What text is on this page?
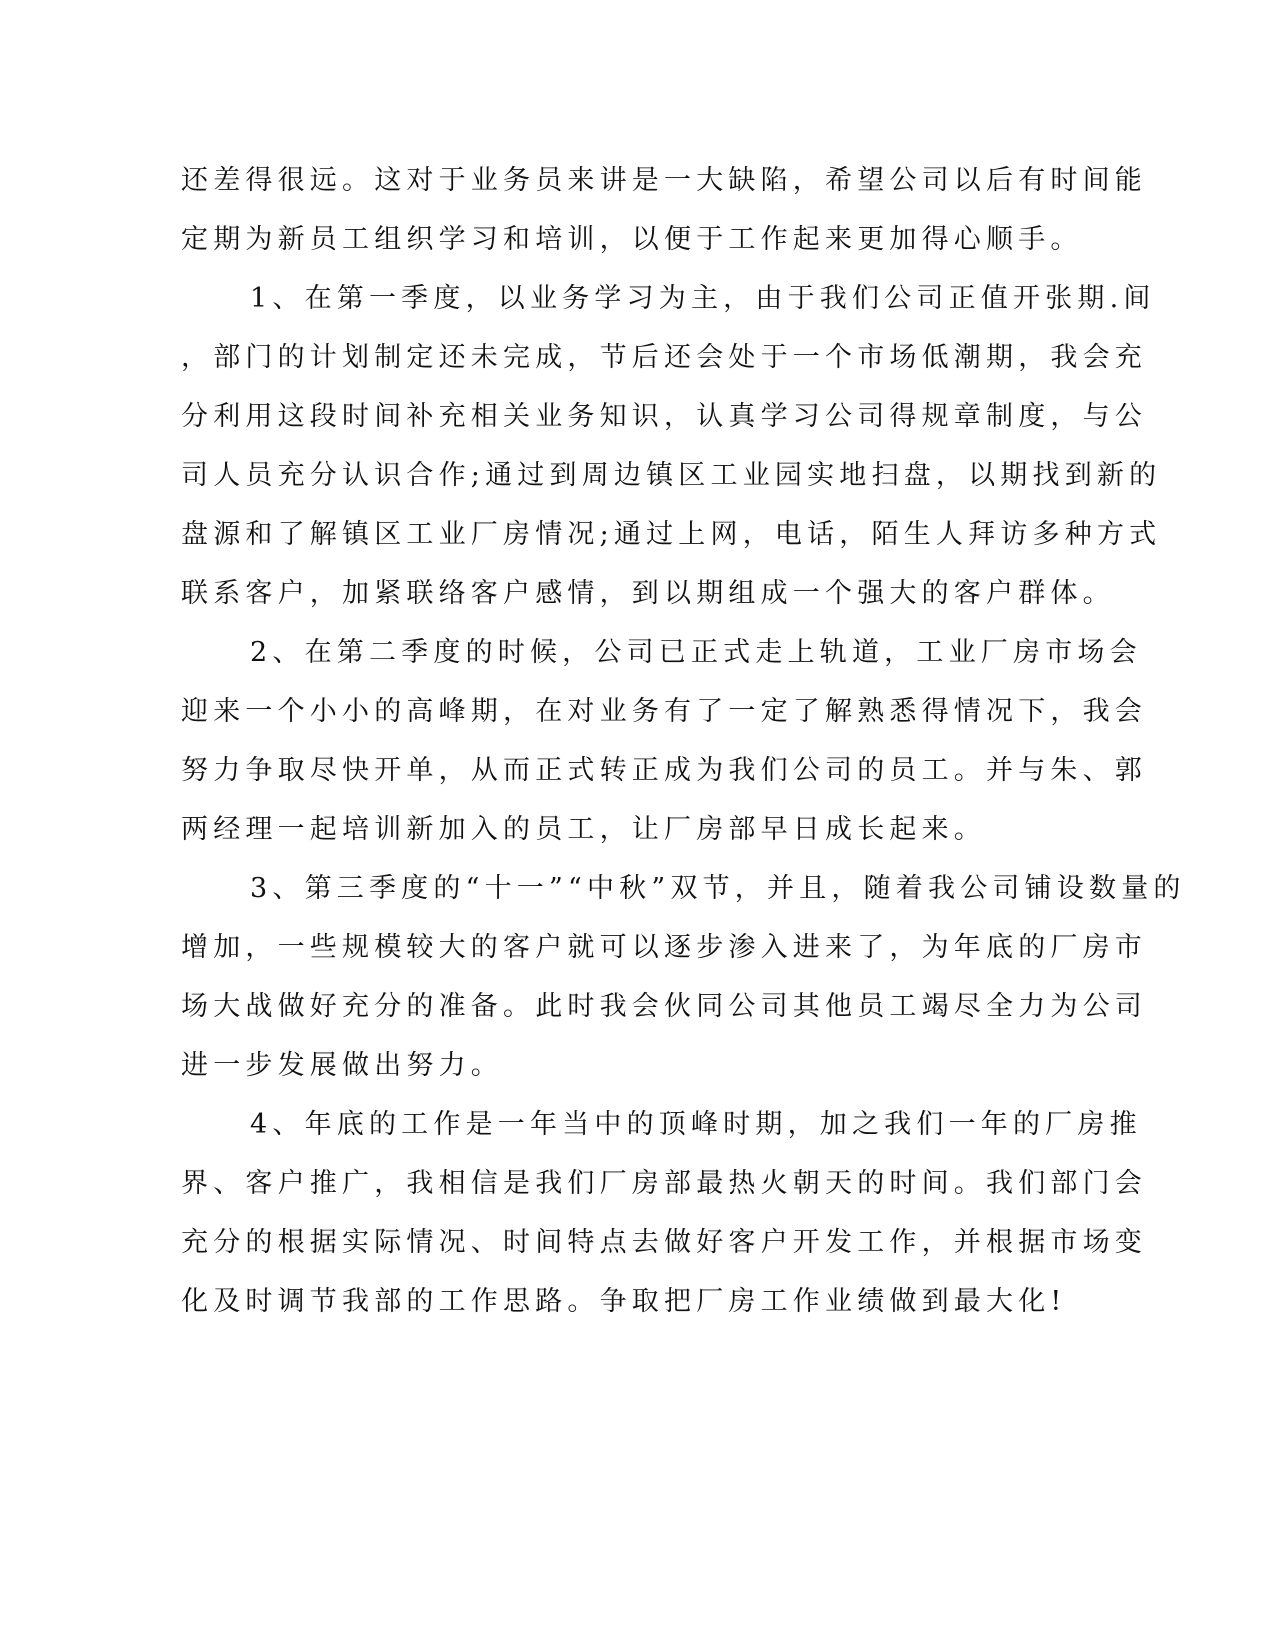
还差得很远。这对于业务员来讲是一大缺陷，希望公司以后有时间能
定期为新员工组织学习和培训，以便于工作起来更加得心顺手。
1、在第一季度，以业务学习为主，由于我们公司正值开张期.间
，部门的计划制定还未完成，节后还会处于一个市场低潮期，我会充
分利用这段时间补充相关业务知识，认真学习公司得规章制度，与公
司人员充分认识合作;通过到周边镇区工业园实地扫盘，以期找到新的
盘源和了解镇区工业厂房情况;通过上网，电话，陌生人拜访多种方式
联系客户，加紧联络客户感情，到以期组成一个强大的客户群体。
2、在第二季度的时候，公司已正式走上轨道，工业厂房市场会
迎来一个小小的高峰期，在对业务有了一定了解熟悉得情况下，我会
努力争取尽快开单，从而正式转正成为我们公司的员工。并与朱、郭
两经理一起培训新加入的员工，让厂房部早日成长起来。
3、第三季度的“十一”“中秋”双节，并且，随着我公司铺设数量的
增加，一些规模较大的客户就可以逐步渗入进来了，为年底的厂房市
场大战做好充分的准备。此时我会伙同公司其他员工竭尽全力为公司
进一步发展做出努力。
4、年底的工作是一年当中的顶峰时期，加之我们一年的厂房推
界、客户推广，我相信是我们厂房部最热火朝天的时间。我们部门会
充分的根据实际情况、时间特点去做好客户开发工作，并根据市场变
化及时调节我部的工作思路。争取把厂房工作业绩做到最大化!
